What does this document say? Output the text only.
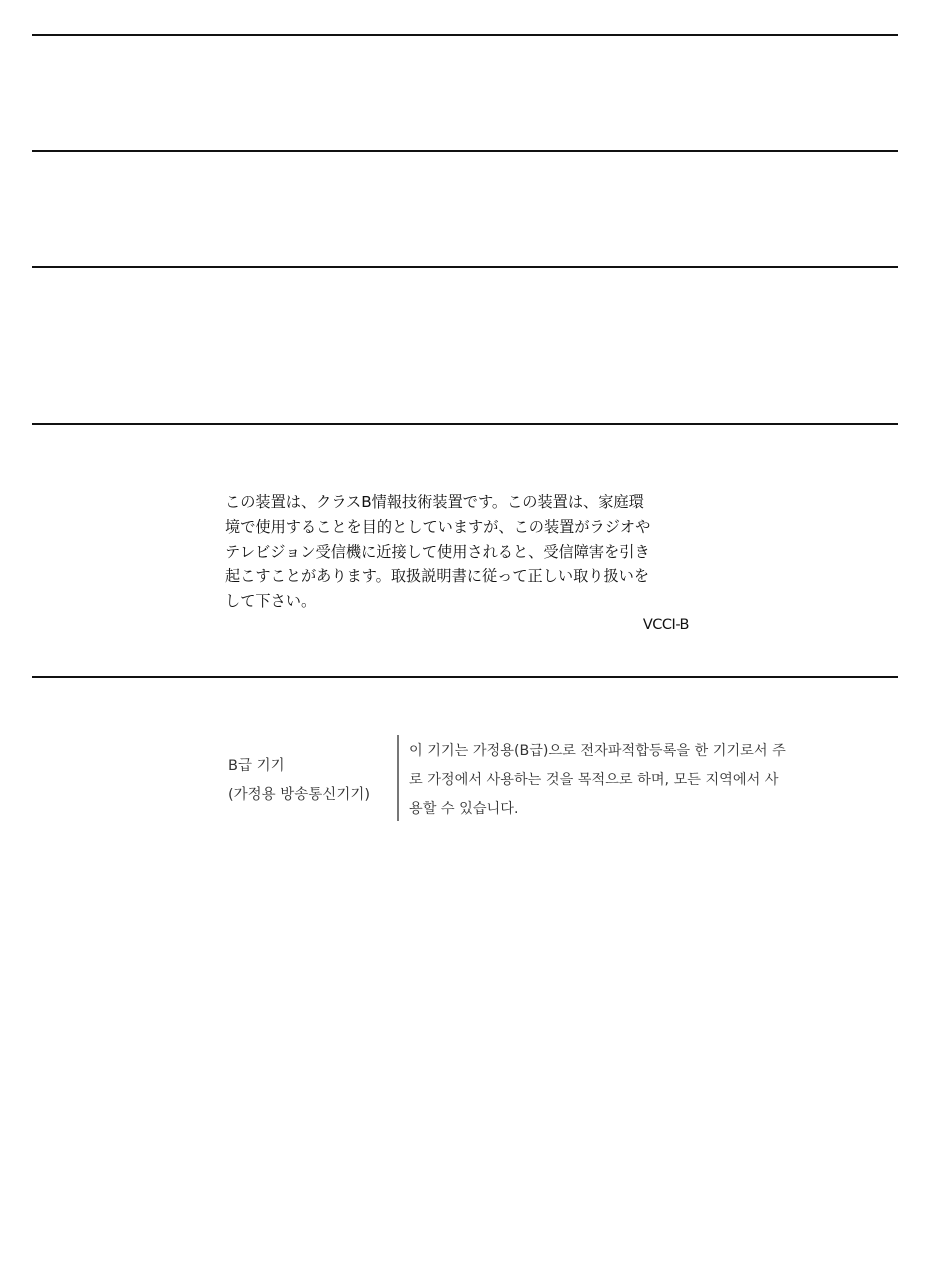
この装置は、クラスB情報技術装置です。この装置は、家庭環
境で使用することを目的としていますが、この装置がラジオや
テレビジョン受信機に近接して使用されると、受信障害を引き
起こすことがあります。取扱説明書に従って正しい取り扱いを
して下さい。
VCCI-B
B급 기기
(가정용 방송통신기기)
이 기기는 가정용(B급)으로 전자파적합등록을 한 기기로서 주
로 가정에서 사용하는 것을 목적으로 하며, 모든 지역에서 사
용할 수 있습니다.
